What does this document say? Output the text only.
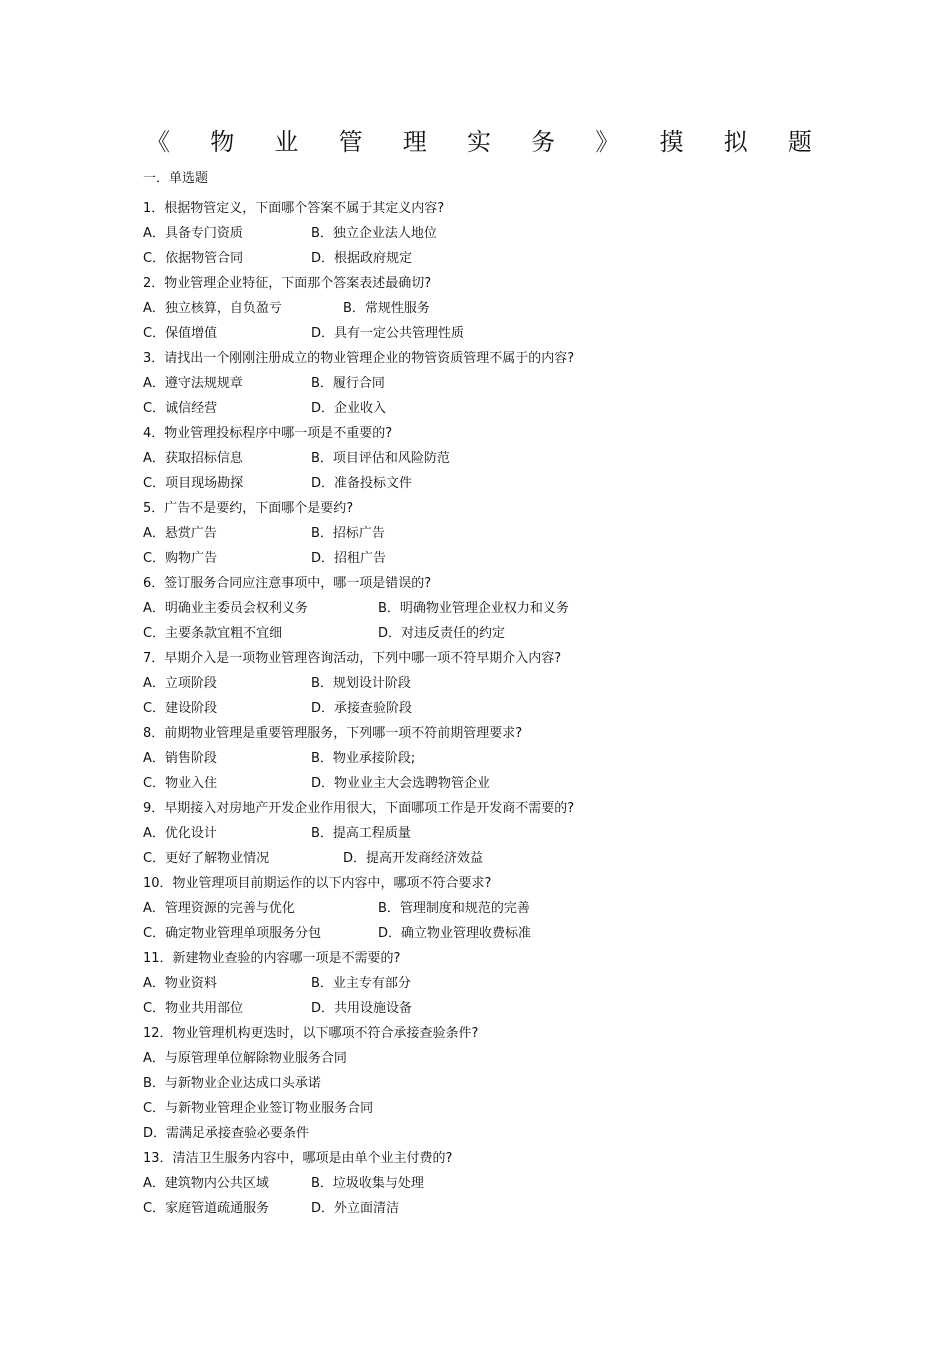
《 物 业 管 理 实 务 》 摸 拟 题
一．单选题
1．根据物管定义，下面哪个答案不属于其定义内容?
A．具备专门资质	B．独立企业法人地位
C．依据物管合同	D．根据政府规定
2．物业管理企业特征，下面那个答案表述最确切?
A．独立核算，自负盈亏	B．常规性服务
C．保值增值	D．具有一定公共管理性质
3．请找出一个刚刚注册成立的物业管理企业的物管资质管理不属于的内容?
A．遵守法规规章	B．履行合同
C．诚信经营	D．企业收入
4．物业管理投标程序中哪一项是不重要的?
A．获取招标信息	B．项目评估和风险防范
C．项目现场勘探	D．准备投标文件
5．广告不是要约，下面哪个是要约?
A．悬赏广告	B．招标广告
C．购物广告	D．招租广告
6．签订服务合同应注意事项中，哪一项是错误的?
A．明确业主委员会权利义务	B．明确物业管理企业权力和义务
C．主要条款宜粗不宜细	D．对违反责任的约定
7．早期介入是一项物业管理咨询活动，下列中哪一项不符早期介入内容?
A．立项阶段	B．规划设计阶段
C．建设阶段	D．承接查验阶段
8．前期物业管理是重要管理服务，下列哪一项不符前期管理要求?
A．销售阶段	B．物业承接阶段;
C．物业入住	D．物业业主大会选聘物管企业
9．早期接入对房地产开发企业作用很大，下面哪项工作是开发商不需要的?
A．优化设计	B．提高工程质量
C．更好了解物业情况	D．提高开发商经济效益
10．物业管理项目前期运作的以下内容中，哪项不符合要求?
A．管理资源的完善与优化	B．管理制度和规范的完善
C．确定物业管理单项服务分包	D．确立物业管理收费标准
11．新建物业查验的内容哪一项是不需要的?
A．物业资料	B．业主专有部分
C．物业共用部位	D．共用设施设备
12．物业管理机构更迭时，以下哪项不符合承接查验条件?
A．与原管理单位解除物业服务合同
B．与新物业企业达成口头承诺
C．与新物业管理企业签订物业服务合同
D．需满足承接查验必要条件
13．清洁卫生服务内容中，哪项是由单个业主付费的?
A．建筑物内公共区域	B．垃圾收集与处理
C．家庭管道疏通服务	D．外立面清洁
